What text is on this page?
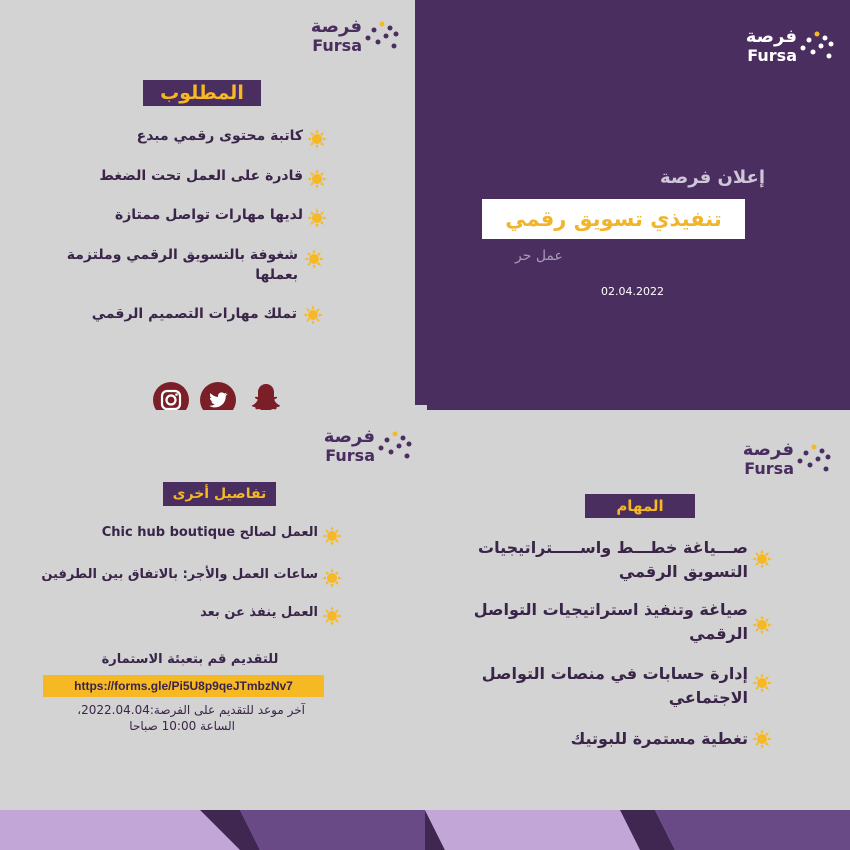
فرصة
Fursa
المطلوب
كاتبة محتوى رقمي مبدع
قادرة على العمل تحت الضغط
لديها مهارات تواصل ممتازة
شغوفة بالتسويق الرقمي وملتزمة بعملها
تملك مهارات التصميم الرقمي
فرصة
Fursa
إعلان فرصة
تنفيذي تسويق رقمي
عمل حر
02.04.2022
فرصة
Fursa
تفاصيل أخرى
العمل لصالح Chic hub boutique
ساعات العمل والأجر: بالاتفاق بين الطرفين
العمل ينفذ عن بعد
للتقديم قم بتعبئة الاستمارة
https://forms.gle/Pi5U8p9qeJTmbzNv7
آخر موعد للتقديم على الفرصة:2022.04.04،
الساعة 10:00 صباحا
فرصة
Fursa
المهام
صـــياغة خطـــط واســـــتراتيجيات التسويق الرقمي
صياغة وتنفيذ استراتيجيات التواصل الرقمي
إدارة حسابات في منصات التواصل الاجتماعي
تغطية مستمرة للبوتيك
